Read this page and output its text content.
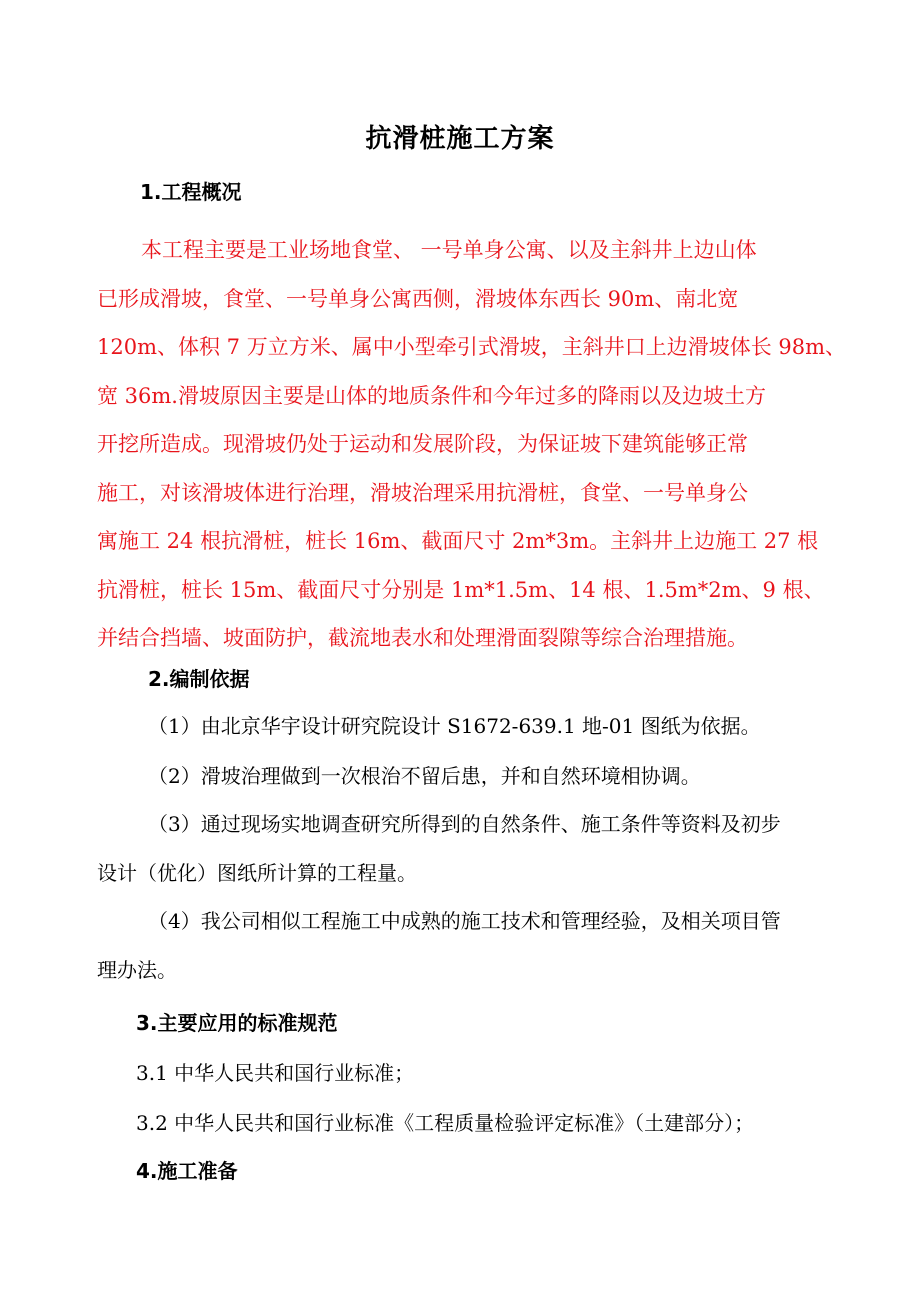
抗滑桩施工方案
1.工程概况
本工程主要是工业场地食堂、 一号单身公寓、以及主斜井上边山体
已形成滑坡，食堂、一号单身公寓西侧，滑坡体东西长 90m、南北宽
120m、体积 7 万立方米、属中小型牵引式滑坡，主斜井口上边滑坡体长 98m、
宽 36m.滑坡原因主要是山体的地质条件和今年过多的降雨以及边坡土方
开挖所造成。现滑坡仍处于运动和发展阶段，为保证坡下建筑能够正常
施工，对该滑坡体进行治理，滑坡治理采用抗滑桩，食堂、一号单身公
寓施工 24 根抗滑桩，桩长 16m、截面尺寸 2m*3m。主斜井上边施工 27 根
抗滑桩，桩长 15m、截面尺寸分别是 1m*1.5m、14 根、1.5m*2m、9 根、
并结合挡墙、坡面防护，截流地表水和处理滑面裂隙等综合治理措施。
2.编制依据
（1）由北京华宇设计研究院设计 S1672-639.1 地-01 图纸为依据。
（2）滑坡治理做到一次根治不留后患，并和自然环境相协调。
（3）通过现场实地调查研究所得到的自然条件、施工条件等资料及初步
设计（优化）图纸所计算的工程量。
（4）我公司相似工程施工中成熟的施工技术和管理经验，及相关项目管
理办法。
3.主要应用的标准规范
3.1 中华人民共和国行业标准；
3.2 中华人民共和国行业标准《工程质量检验评定标准》（土建部分）；
4.施工准备
